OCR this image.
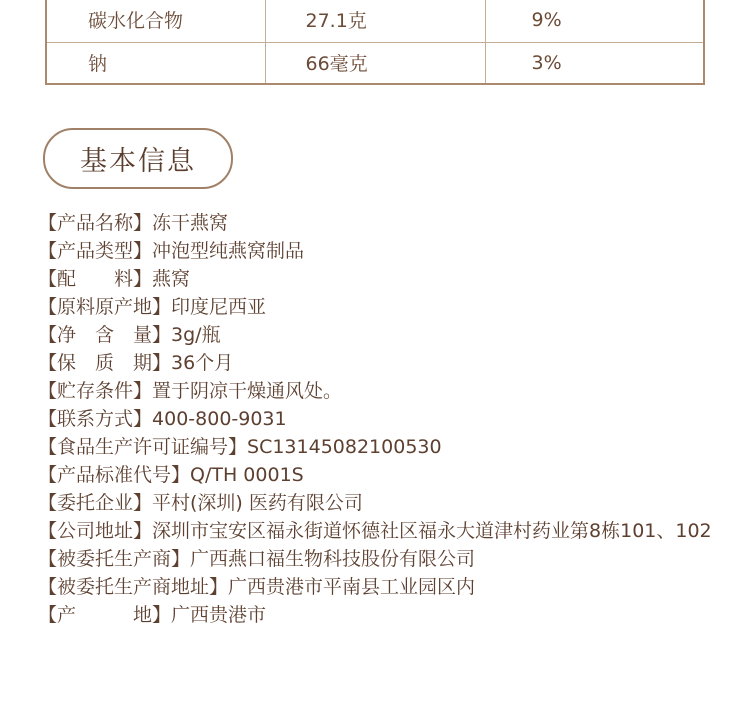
碳水化合物	27.1克	9%
钠	66毫克	3%
基本信息
【产品名称】冻干燕窝
【产品类型】冲泡型纯燕窝制品
【配　　料】燕窝
【原料原产地】印度尼西亚
【净　含　量】3g/瓶
【保　质　期】36个月
【贮存条件】置于阴凉干燥通风处。
【联系方式】400-800-9031
【食品生产许可证编号】SC13145082100530
【产品标准代号】Q/TH 0001S
【委托企业】平村(深圳) 医药有限公司
【公司地址】深圳市宝安区福永街道怀德社区福永大道津村药业第8栋101、102
【被委托生产商】广西燕口福生物科技股份有限公司
【被委托生产商地址】广西贵港市平南县工业园区内
【产　　　地】广西贵港市
